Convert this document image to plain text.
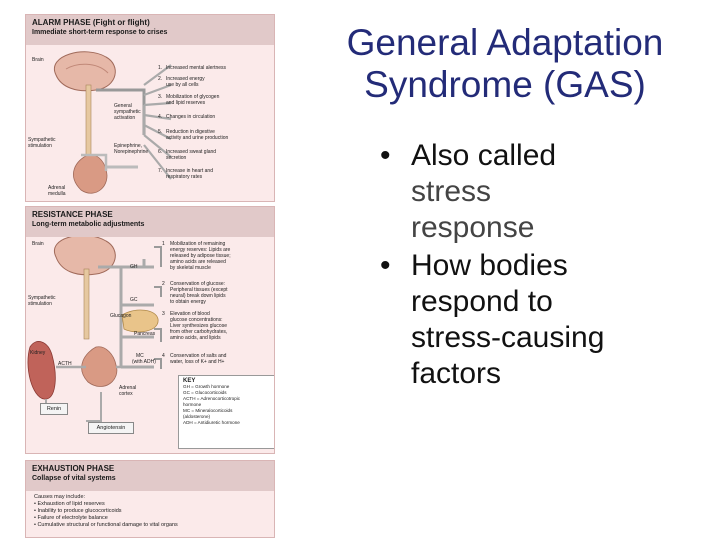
ALARM PHASE (Fight or flight)
Immediate short-term response to crises
Brain
General
sympathetic
activation
Sympathetic
stimulation	Epinephrine,
Norepinephrine
Adrenal
medulla
1. Increased mental alertness
2. Increased energy
use by all cells
3. Mobilization of glycogen
and lipid reserves
4. Changes in circulation
5. Reduction in digestive
activity and urine production
6. Increased sweat gland
secretion
7. Increase in heart and
respiratory rates
RESISTANCE PHASE
Long-term metabolic adjustments
Brain
GH
Sympathetic
stimulation
GC
Glucagon
Pancreas
Kidney
ACTH
MC
(with ADH)
Adrenal
cortex
Renin
Angiotensin
1	Mobilization of remaining
energy reserves: Lipids are
released by adipose tissue;
amino acids are released
by skeletal muscle
2	Conservation of glucose:
Peripheral tissues (except
neural) break down lipids
to obtain energy
3	Elevation of blood
glucose concentrations:
Liver synthesizes glucose
from other carbohydrates,
amino acids, and lipids
4	Conservation of salts and
water, loss of K+ and H+
KEY
GH = Growth hormone
GC = Glucocorticoids
ACTH = Adrenocorticotropic
hormone
MC = Mineralocorticoids
(aldosterone)
ADH = Antidiuretic hormone
EXHAUSTION PHASE
Collapse of vital systems
Causes may include:
• Exhaustion of lipid reserves
• Inability to produce glucocorticoids
• Failure of electrolyte balance
• Cumulative structural or functional damage to vital organs
General Adaptation
Syndrome (GAS)
• Also called
stress
response
• How bodies
respond to
stress-causing
factors
